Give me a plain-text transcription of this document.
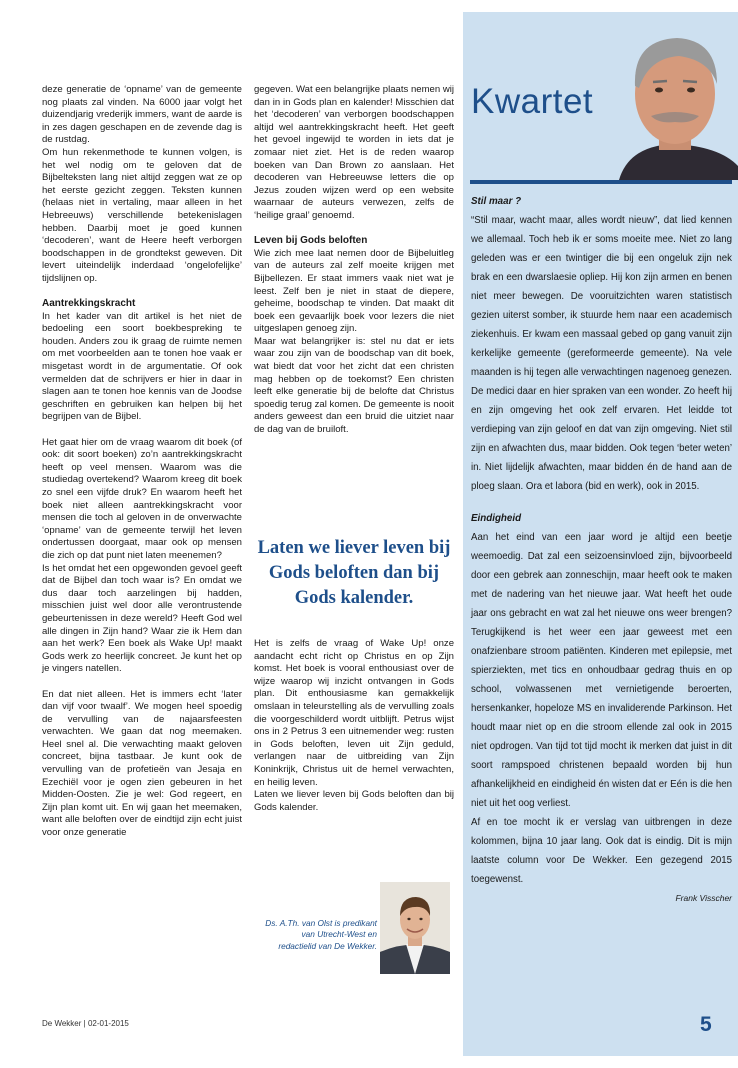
deze generatie de ‘opname’ van de gemeente nog plaats zal vinden. Na 6000 jaar volgt het duizendjarig vrederijk immers, want de aarde is in zes dagen geschapen en de zevende dag is de rustdag.

Om hun rekenmethode te kunnen volgen, is het wel nodig om te geloven dat de Bijbelteksten lang niet altijd zeggen wat ze op het eerste gezicht zeggen. Teksten kunnen (helaas niet in vertaling, maar alleen in het Hebreeuws) verschillende betekenislagen hebben. Daarbij moet je goed kunnen ‘decoderen’, want de Heere heeft verborgen boodschappen in de grondtekst geweven. Dit levert uiteindelijk inderdaad ‘ongelofelijke’ tijdslijnen op.

Aantrekkingskracht

In het kader van dit artikel is het niet de bedoeling een soort boekbespreking te houden. Anders zou ik graag de ruimte nemen om met voorbeelden aan te tonen hoe vaak er misgetast wordt in de argumentatie. Of ook vermelden dat de schrijvers er hier in daar in slagen aan te tonen hoe kennis van de Joodse geschriften en gebruiken kan helpen bij het begrijpen van de Bijbel.

Het gaat hier om de vraag waarom dit boek (of ook: dit soort boeken) zo’n aantrekkingskracht heeft op veel mensen. Waarom was die studiedag overtekend? Waarom kreeg dit boek zo snel een vijfde druk? En waarom heeft het boek niet alleen aantrekkingskracht voor mensen die toch al geloven in de onverwachte ‘opname’ van de gemeente terwijl het leven ondertussen doorgaat, maar ook op mensen die zich op dat punt niet laten meenemen?

Is het omdat het een opgewonden gevoel geeft dat de Bijbel dan toch waar is? En omdat we dus daar toch aarzelingen bij hadden, misschien juist wel door alle verontrustende gebeurtenissen in deze wereld? Heeft God wel alle dingen in Zijn hand? Waar zie ik Hem dan aan het werk? Een boek als Wake Up! maakt Gods werk zo heerlijk concreet. Je kunt het op je vingers natellen.

En dat niet alleen. Het is immers echt ‘later dan vijf voor twaalf’. We mogen heel spoedig de vervulling van de najaarsfeesten verwachten. We gaan dat nog meemaken. Heel snel al. Die verwachting maakt geloven concreet, bijna tastbaar. Je kunt ook de vervulling van de profetieën van Jesaja en Ezechiël voor je ogen zien gebeuren in het Midden-Oosten. Zie je wel: God regeert, en Zijn plan komt uit. En wij gaan het meemaken, want alle beloften over de eindtijd zijn echt juist voor onze generatie

gegeven. Wat een belangrijke plaats nemen wij dan in in Gods plan en kalender! Misschien dat het ‘decoderen’ van verborgen boodschappen altijd wel aantrekkingskracht heeft. Het geeft het gevoel ingewijd te worden in iets dat je zomaar niet ziet. Het is de reden waarop boeken van Dan Brown zo aanslaan. Het decoderen van Hebreeuwse letters die op Jezus zouden wijzen werd op een website waarnaar de auteurs verwezen, zelfs de ‘heilige graal’ genoemd.

Leven bij Gods beloften

Wie zich mee laat nemen door de Bijbeluitleg van de auteurs zal zelf moeite krijgen met Bijbellezen. Er staat immers vaak niet wat je leest. Zelf ben je niet in staat de diepere, geheime, boodschap te vinden. Dat maakt dit boek een gevaarlijk boek voor lezers die niet uitgeslapen genoeg zijn.

Maar wat belangrijker is: stel nu dat er iets waar zou zijn van de boodschap van dit boek, wat biedt dat voor het zicht dat een christen mag hebben op de toekomst? Een christen leeft elke generatie bij de belofte dat Christus spoedig terug zal komen. De gemeente is nooit anders geweest dan een bruid die uitziet naar de dag van de bruiloft.

Laten we liever leven bij Gods beloften dan bij Gods kalender.

Het is zelfs de vraag of Wake Up! onze aandacht echt richt op Christus en op Zijn komst. Het boek is vooral enthousiast over de wijze waarop wij inzicht ontvangen in Gods plan. Dit enthousiasme kan gemakkelijk omslaan in teleurstelling als de vervulling zoals die voorgeschilderd wordt uitblijft. Petrus wijst ons in 2 Petrus 3 een uitnemender weg: rusten in Gods beloften, leven uit Zijn geduld, verlangen naar de uitbreiding van Zijn Koninkrijk, Christus uit de hemel verwachten, en heilig leven.

Laten we liever leven bij Gods beloften dan bij Gods kalender.

Ds. A.Th. van Olst is predikant

van Utrecht-West en

redactielid van De Wekker.

Kwartet
Stil maar ?

“Stil maar, wacht maar, alles wordt nieuw”, dat lied kennen we allemaal. Toch heb ik er soms moeite mee. Niet zo lang geleden was er een twintiger die bij een ongeluk zijn nek brak en een dwarslaesie opliep. Hij kon zijn armen en benen niet meer bewegen. De vooruitzichten waren statistisch gezien uiterst somber, ik stuurde hem naar een academisch ziekenhuis. Er kwam een massaal gebed op gang vanuit zijn kerkelijke gemeente (gereformeerde gemeente). Na vele maanden is hij tegen alle verwachtingen nagenoeg genezen. De medici daar en hier spraken van een wonder. Zo heeft hij en zijn omgeving het ook zelf ervaren. Het leidde tot verdieping van zijn geloof en dat van zijn omgeving. Niet stil zijn en afwachten dus, maar bidden. Ook tegen ‘beter weten’ in. Niet lijdelijk afwachten, maar bidden én de hand aan de ploeg slaan. Ora et labora (bid en werk), ook in 2015.

Eindigheid

Aan het eind van een jaar word je altijd een beetje weemoedig. Dat zal een seizoensinvloed zijn, bijvoorbeeld door een gebrek aan zonneschijn, maar heeft ook te maken met de nadering van het nieuwe jaar. Wat heeft het oude jaar ons gebracht en wat zal het nieuwe ons weer brengen? Terugkijkend is het weer een jaar geweest met een onafzienbare stroom patiënten. Kinderen met epilepsie, met spierziekten, met tics en onhoudbaar gedrag thuis en op school, volwassenen met vernietigende beroerten, hersenkanker, hopeloze MS en invaliderende Parkinson. Het houdt maar niet op en die stroom ellende zal ook in 2015 niet opdrogen. Van tijd tot tijd mocht ik merken dat juist in dit soort rampspoed christenen bepaald worden bij hun afhankelijkheid en eindigheid én wisten dat er Eén is die hen niet uit het oog verliest.

Af en toe mocht ik er verslag van uitbrengen in deze kolommen, bijna 10 jaar lang. Ook dat is eindig. Dit is mijn laatste column voor De Wekker. Een gezegend 2015 toegewenst.

Frank Visscher

De Wekker | 02-01-2015	5
